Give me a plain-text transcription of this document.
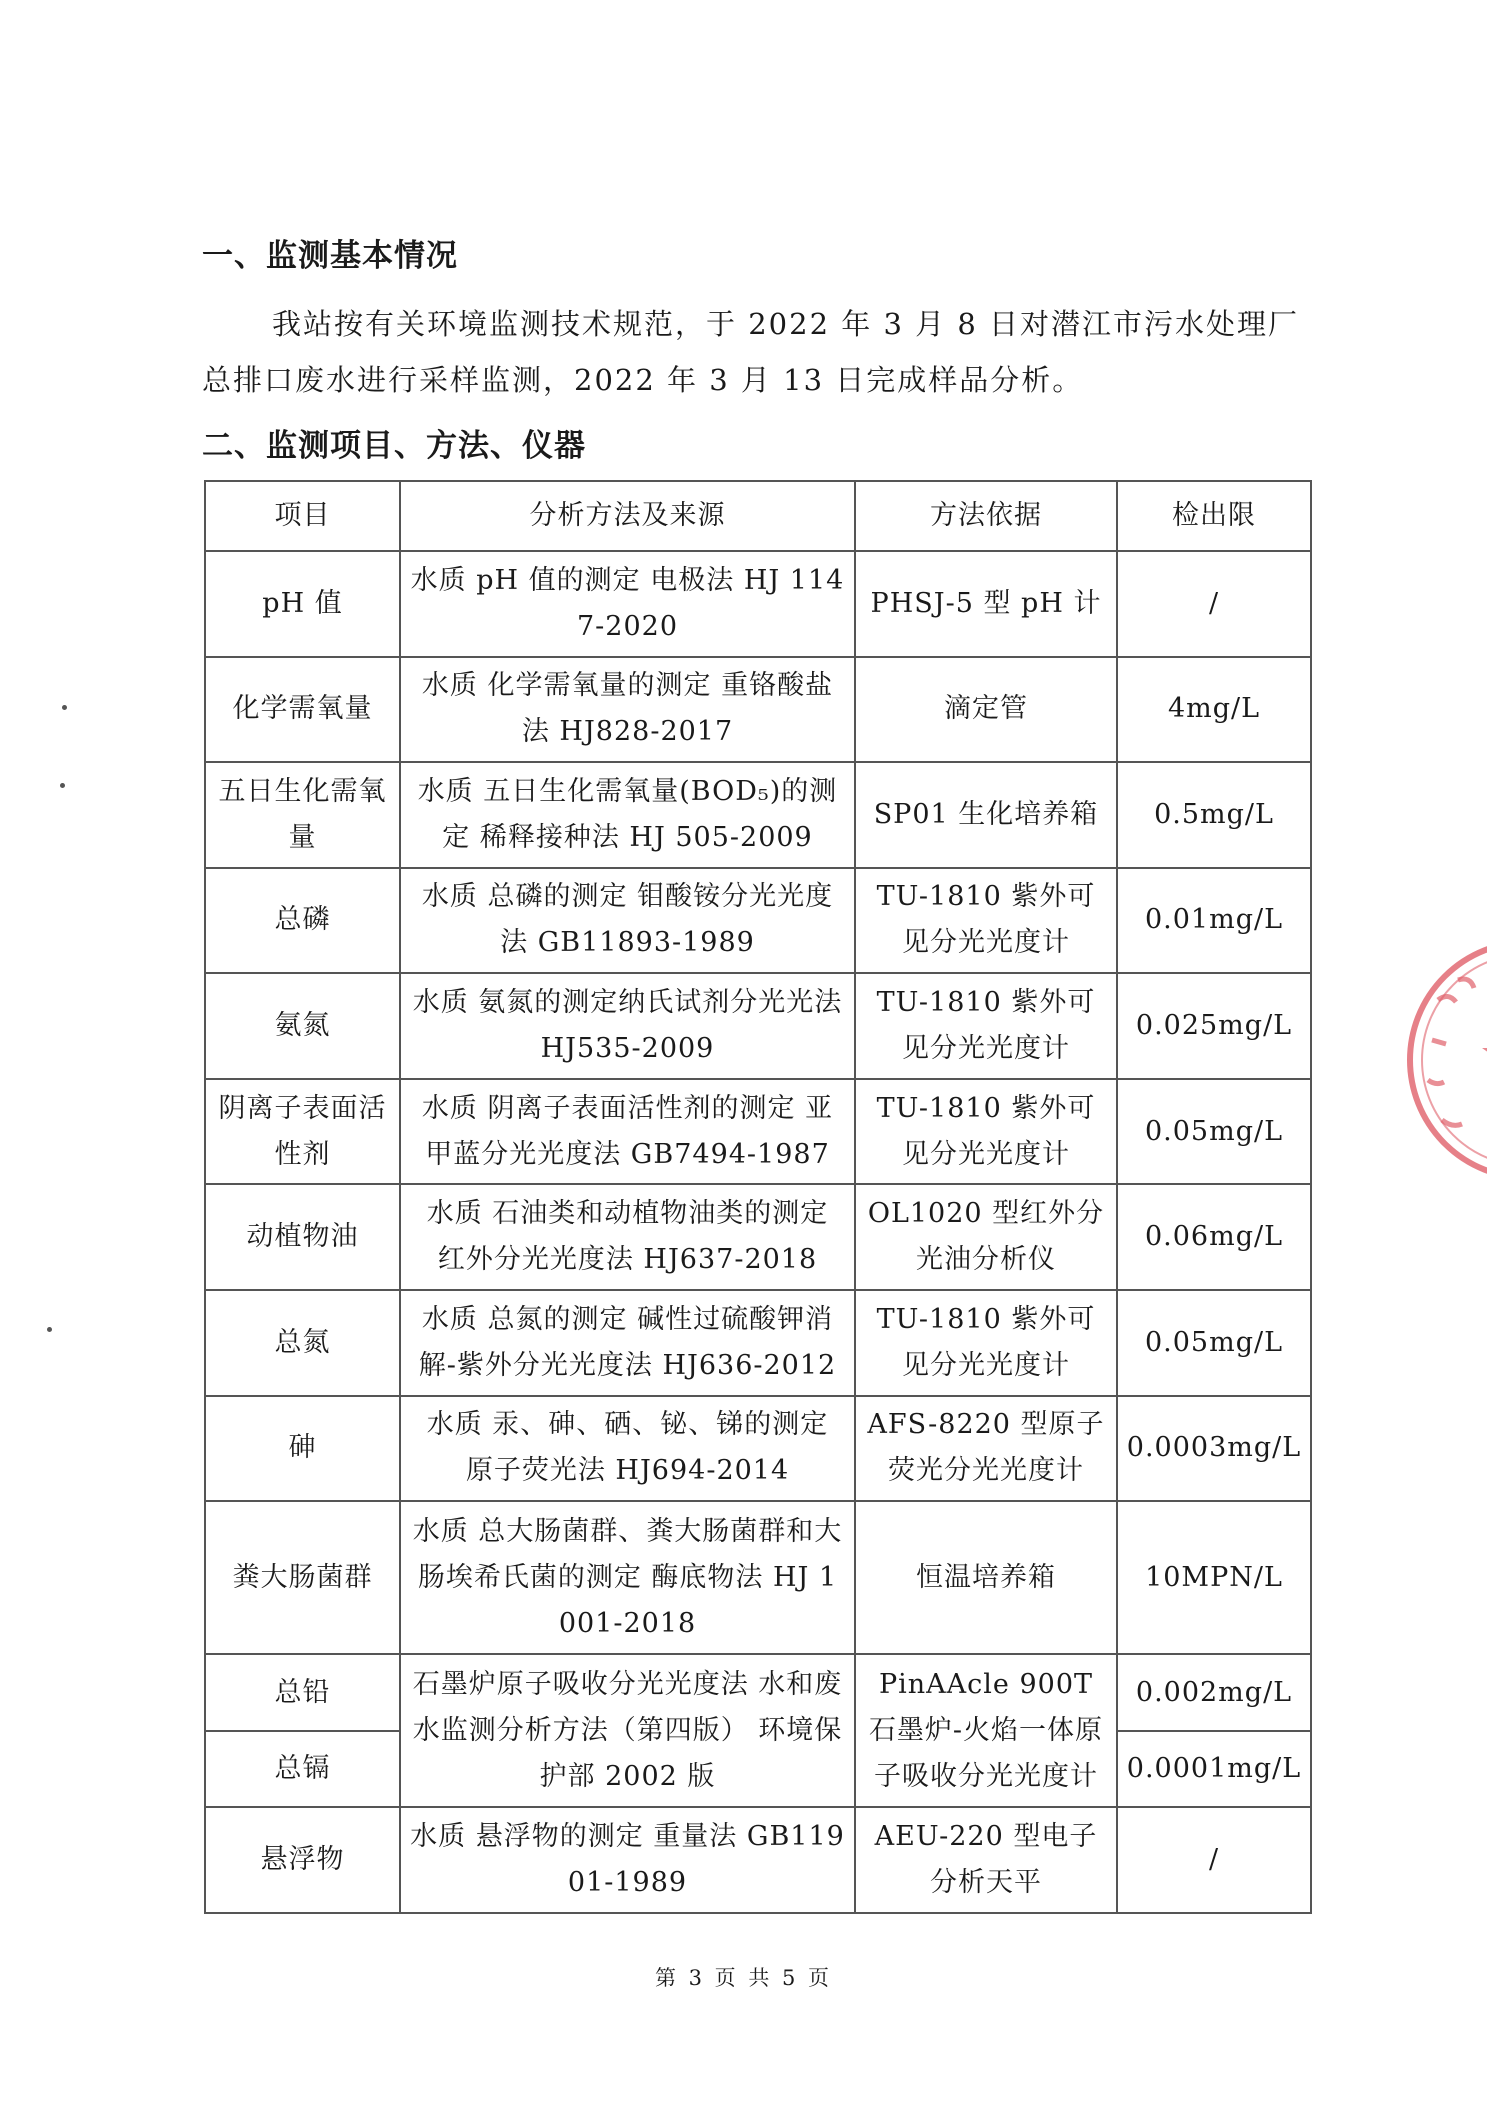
一、监测基本情况

我站按有关环境监测技术规范，于 2022 年 3 月 8 日对潜江市污水处理厂总排口废水进行采样监测，2022 年 3 月 13 日完成样品分析。

二、监测项目、方法、仪器
项目	分析方法及来源	方法依据	检出限
pH 值	水质 pH 值的测定 电极法 HJ 1147-2020	PHSJ-5 型 pH 计	/
化学需氧量	水质 化学需氧量的测定 重铬酸盐法 HJ828-2017	滴定管	4mg/L
五日生化需氧量	水质 五日生化需氧量(BOD₅)的测定 稀释接种法 HJ 505-2009	SP01 生化培养箱	0.5mg/L
总磷	水质 总磷的测定 钼酸铵分光光度法 GB11893-1989	TU-1810 紫外可见分光光度计	0.01mg/L
氨氮	水质 氨氮的测定纳氏试剂分光光法 HJ535-2009	TU-1810 紫外可见分光光度计	0.025mg/L
阴离子表面活性剂	水质 阴离子表面活性剂的测定 亚甲蓝分光光度法 GB7494-1987	TU-1810 紫外可见分光光度计	0.05mg/L
动植物油	水质 石油类和动植物油类的测定 红外分光光度法 HJ637-2018	OL1020 型红外分光油分析仪	0.06mg/L
总氮	水质 总氮的测定 碱性过硫酸钾消解-紫外分光光度法 HJ636-2012	TU-1810 紫外可见分光光度计	0.05mg/L
砷	水质 汞、砷、硒、铋、锑的测定 原子荧光法 HJ694-2014	AFS-8220 型原子荧光分光光度计	0.0003mg/L
粪大肠菌群	水质 总大肠菌群、粪大肠菌群和大肠埃希氏菌的测定 酶底物法 HJ 1001-2018	恒温培养箱	10MPN/L
总铅	石墨炉原子吸收分光光度法 水和废水监测分析方法（第四版） 环境保护部 2002 版	PinAAcle 900T 石墨炉-火焰一体原子吸收分光光度计	0.002mg/L
总镉			0.0001mg/L
悬浮物	水质 悬浮物的测定 重量法 GB11901-1989	AEU-220 型电子分析天平	/
第 3 页 共 5 页
